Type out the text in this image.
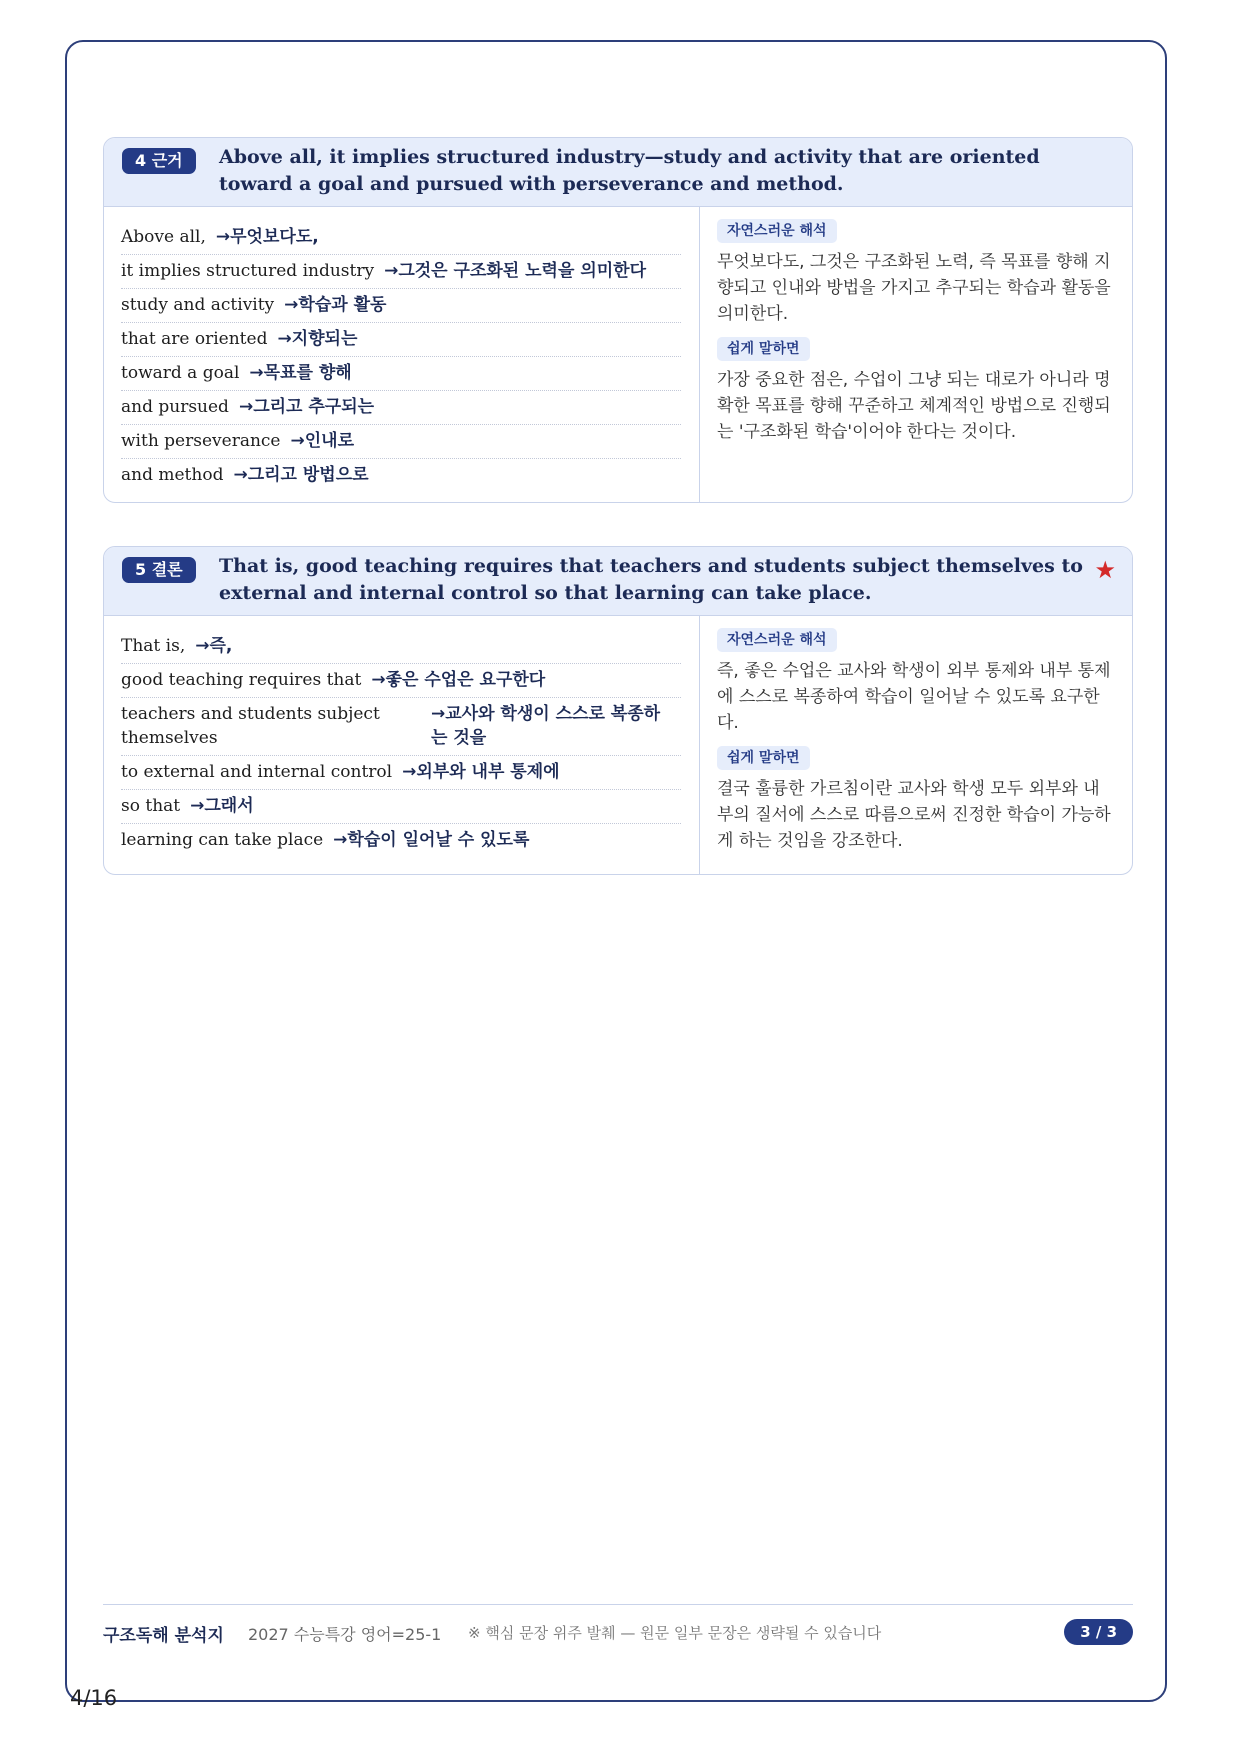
4 근거	Above all, it implies structured industry—study and activity that are oriented toward a goal and pursued with perseverance and method.
Above all, →무엇보다도,
it implies structured industry →그것은 구조화된 노력을 의미한다
study and activity →학습과 활동
that are oriented →지향되는
toward a goal →목표를 향해
and pursued →그리고 추구되는
with perseverance →인내로
and method →그리고 방법으로
자연스러운 해석
무엇보다도, 그것은 구조화된 노력, 즉 목표를 향해 지향되고 인내와 방법을 가지고 추구되는 학습과 활동을 의미한다.
쉽게 말하면
가장 중요한 점은, 수업이 그냥 되는 대로가 아니라 명확한 목표를 향해 꾸준하고 체계적인 방법으로 진행되는 '구조화된 학습'이어야 한다는 것이다.
5 결론	That is, good teaching requires that teachers and students subject themselves to external and internal control so that learning can take place.
★
That is, →즉,
good teaching requires that →좋은 수업은 요구한다
teachers and students subject themselves
→교사와 학생이 스스로 복종하는 것을
to external and internal control →외부와 내부 통제에
so that →그래서
learning can take place →학습이 일어날 수 있도록
자연스러운 해석
즉, 좋은 수업은 교사와 학생이 외부 통제와 내부 통제에 스스로 복종하여 학습이 일어날 수 있도록 요구한다.
쉽게 말하면
결국 훌륭한 가르침이란 교사와 학생 모두 외부와 내부의 질서에 스스로 따름으로써 진정한 학습이 가능하게 하는 것임을 강조한다.
구조독해 분석지 2027 수능특강 영어=25-1 ※ 핵심 문장 위주 발췌 — 원문 일부 문장은 생략될 수 있습니다	3 / 3
4/16
